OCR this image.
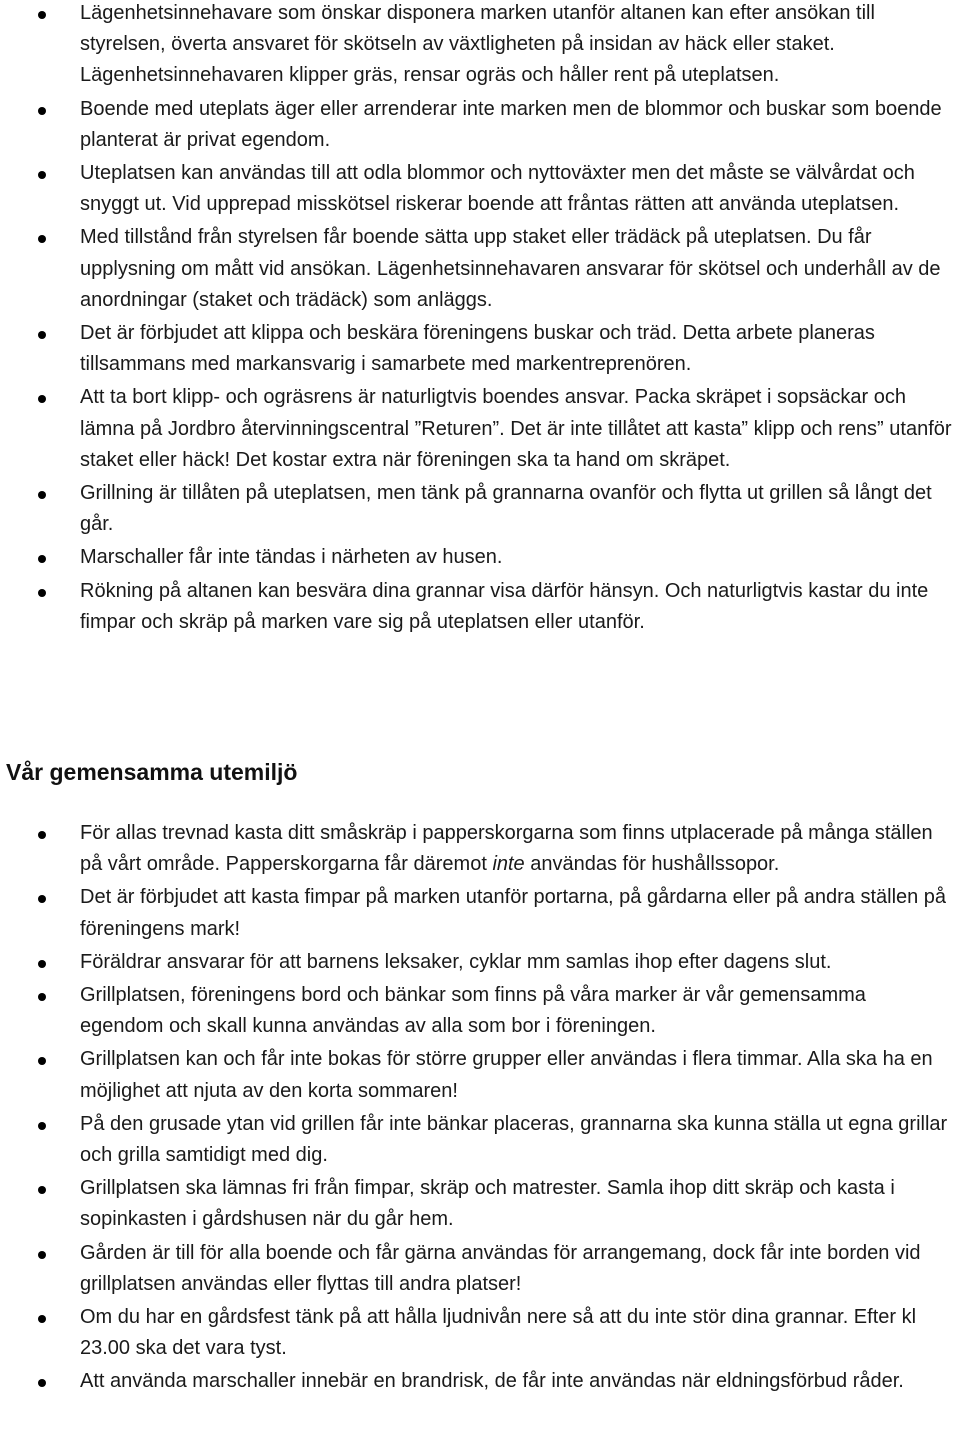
Lägenhetsinnehavare som önskar disponera marken utanför altanen kan efter ansökan till styrelsen, överta ansvaret för skötseln av växtligheten på insidan av häck eller staket. Lägenhetsinnehavaren klipper gräs, rensar ogräs och håller rent på uteplatsen.
Boende med uteplats äger eller arrenderar inte marken men de blommor och buskar som boende planterat är privat egendom.
Uteplatsen kan användas till att odla blommor och nyttoväxter men det måste se välvårdat och snyggt ut. Vid upprepad misskötsel riskerar boende att fråntas rätten att använda uteplatsen.
Med tillstånd från styrelsen får boende sätta upp staket eller trädäck på uteplatsen. Du får upplysning om mått vid ansökan. Lägenhetsinnehavaren ansvarar för skötsel och underhåll av de anordningar (staket och trädäck) som anläggs.
Det är förbjudet att klippa och beskära föreningens buskar och träd. Detta arbete planeras tillsammans med markansvarig i samarbete med markentreprenören.
Att ta bort klipp- och ogräsrens är naturligtvis boendes ansvar. Packa skräpet i sopsäckar och lämna på Jordbro återvinningscentral ”Returen”. Det är inte tillåtet att kasta” klipp och rens” utanför staket eller häck! Det kostar extra när föreningen ska ta hand om skräpet.
Grillning är tillåten på uteplatsen, men tänk på grannarna ovanför och flytta ut grillen så långt det går.
Marschaller får inte tändas i närheten av husen.
Rökning på altanen kan besvära dina grannar visa därför hänsyn. Och naturligtvis kastar du inte fimpar och skräp på marken vare sig på uteplatsen eller utanför.
Vår gemensamma utemiljö
För allas trevnad kasta ditt småskräp i papperskorgarna som finns utplacerade på många ställen på vårt område. Papperskorgarna får däremot inte användas för hushållssopor.
Det är förbjudet att kasta fimpar på marken utanför portarna, på gårdarna eller på andra ställen på föreningens mark!
Föräldrar ansvarar för att barnens leksaker, cyklar mm samlas ihop efter dagens slut.
Grillplatsen, föreningens bord och bänkar som finns på våra marker är vår gemensamma egendom och skall kunna användas av alla som bor i föreningen.
Grillplatsen kan och får inte bokas för större grupper eller användas i flera timmar. Alla ska ha en möjlighet att njuta av den korta sommaren!
På den grusade ytan vid grillen får inte bänkar placeras, grannarna ska kunna ställa ut egna grillar och grilla samtidigt med dig.
Grillplatsen ska lämnas fri från fimpar, skräp och matrester. Samla ihop ditt skräp och kasta i sopinkasten i gårdshusen när du går hem.
Gården är till för alla boende och får gärna användas för arrangemang, dock får inte borden vid grillplatsen användas eller flyttas till andra platser!
Om du har en gårdsfest tänk på att hålla ljudnivån nere så att du inte stör dina grannar. Efter kl 23.00 ska det vara tyst.
Att använda marschaller innebär en brandrisk, de får inte användas när eldningsförbud råder.
